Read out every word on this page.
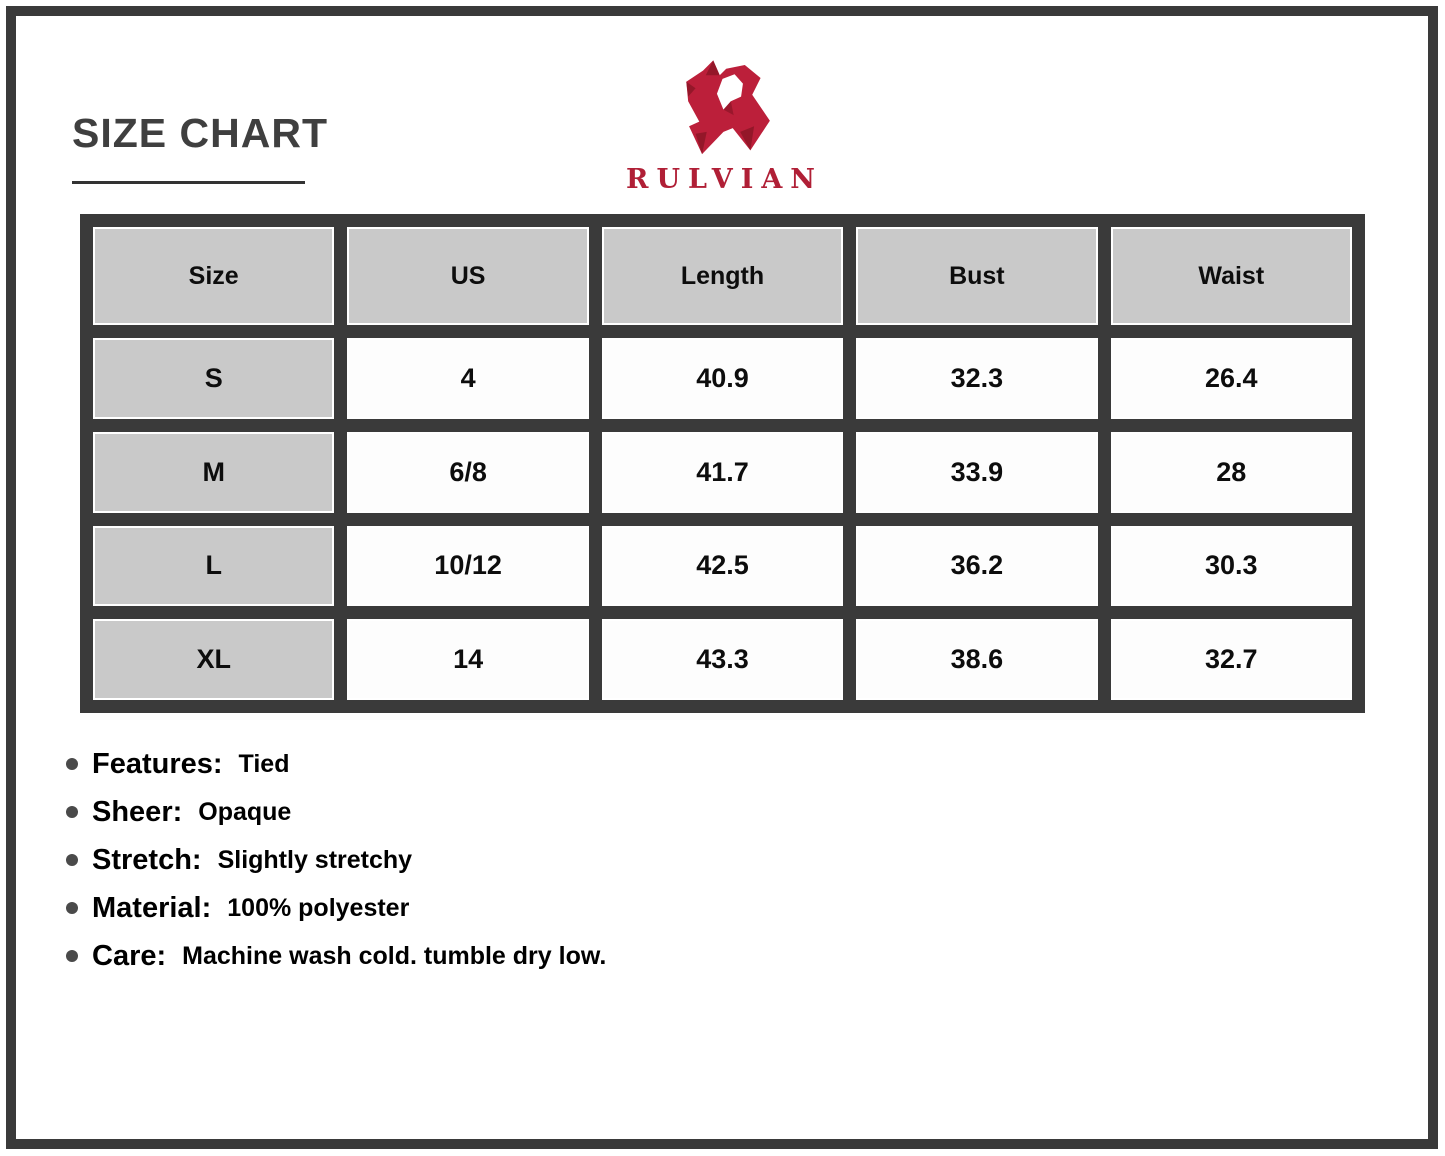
SIZE CHART
RULVIAN
Size	US	Length	Bust	Waist
S	4	40.9	32.3	26.4
M	6/8	41.7	33.9	28
L	10/12	42.5	36.2	30.3
XL	14	43.3	38.6	32.7
Features: Tied
Sheer: Opaque
Stretch: Slightly stretchy
Material: 100% polyester
Care: Machine wash cold. tumble dry low.
